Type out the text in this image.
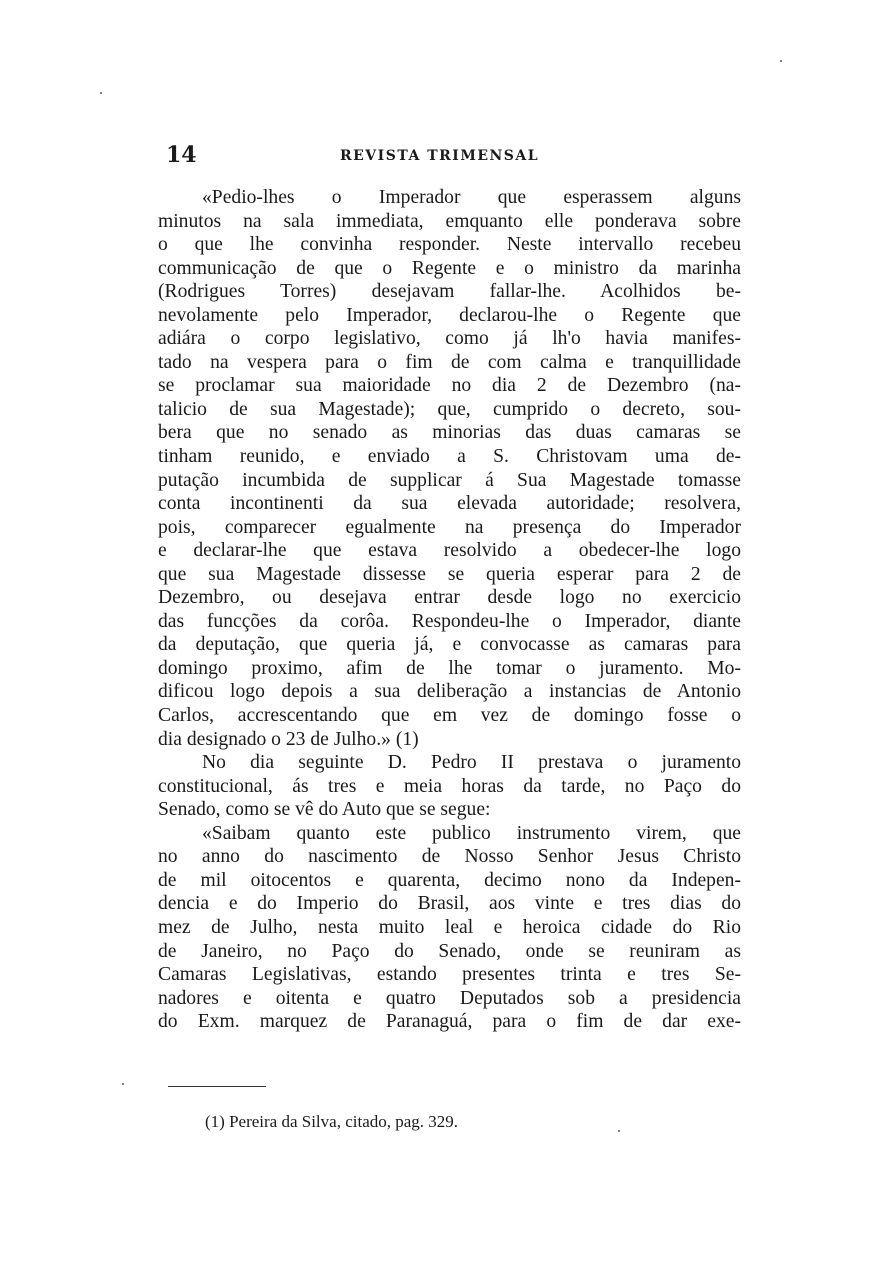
14	REVISTA TRIMENSAL
«Pedio-lhes o Imperador que esperassem alguns
minutos na sala immediata, emquanto elle ponderava sobre
o que lhe convinha responder. Neste intervallo recebeu
communicação de que o Regente e o ministro da marinha
(Rodrigues Torres) desejavam fallar-lhe. Acolhidos be-
nevolamente pelo Imperador, declarou-lhe o Regente que
adiára o corpo legislativo, como já lh'o havia manifes-
tado na vespera para o fim de com calma e tranquillidade
se proclamar sua maioridade no dia 2 de Dezembro (na-
talicio de sua Magestade); que, cumprido o decreto, sou-
bera que no senado as minorias das duas camaras se
tinham reunido, e enviado a S. Christovam uma de-
putação incumbida de supplicar á Sua Magestade tomasse
conta incontinenti da sua elevada autoridade; resolvera,
pois, comparecer egualmente na presença do Imperador
e declarar-lhe que estava resolvido a obedecer-lhe logo
que sua Magestade dissesse se queria esperar para 2 de
Dezembro, ou desejava entrar desde logo no exercicio
das funcções da corôa. Respondeu-lhe o Imperador, diante
da deputação, que queria já, e convocasse as camaras para
domingo proximo, afim de lhe tomar o juramento. Mo-
dificou logo depois a sua deliberação a instancias de Antonio
Carlos, accrescentando que em vez de domingo fosse o
dia designado o 23 de Julho.» (1)
No dia seguinte D. Pedro II prestava o juramento
constitucional, ás tres e meia horas da tarde, no Paço do
Senado, como se vê do Auto que se segue:
«Saibam quanto este publico instrumento virem, que
no anno do nascimento de Nosso Senhor Jesus Christo
de mil oitocentos e quarenta, decimo nono da Indepen-
dencia e do Imperio do Brasil, aos vinte e tres dias do
mez de Julho, nesta muito leal e heroica cidade do Rio
de Janeiro, no Paço do Senado, onde se reuniram as
Camaras Legislativas, estando presentes trinta e tres Se-
nadores e oitenta e quatro Deputados sob a presidencia
do Exm. marquez de Paranaguá, para o fim de dar exe-
(1) Pereira da Silva, citado, pag. 329.
